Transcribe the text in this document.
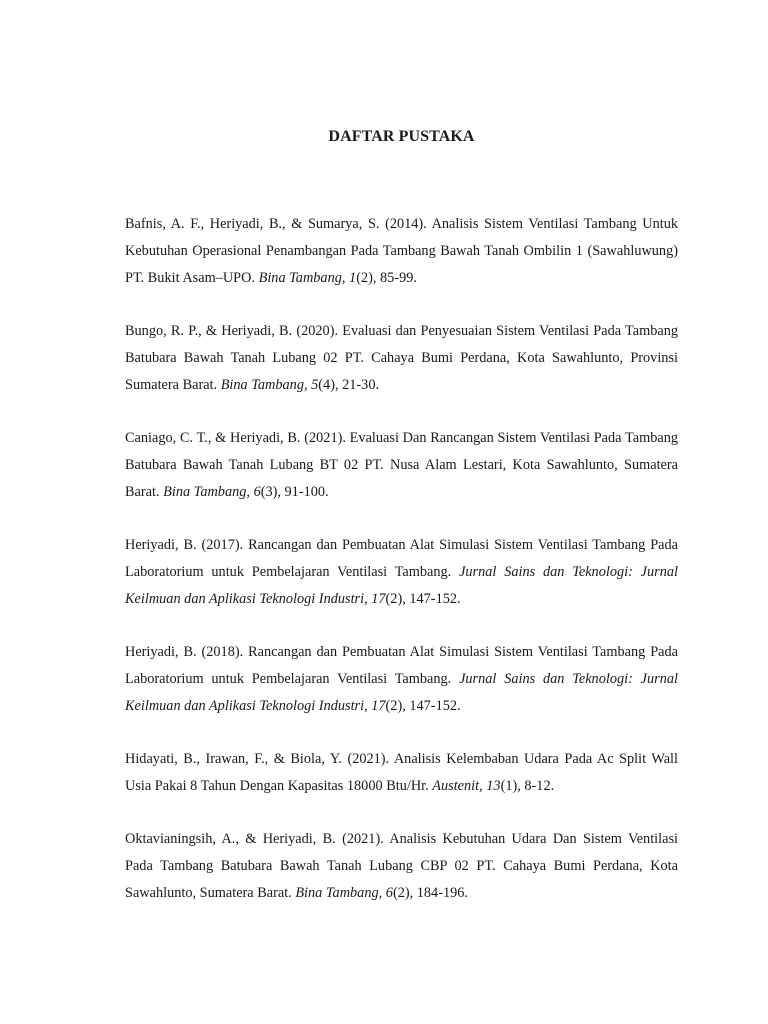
DAFTAR PUSTAKA

Bafnis, A. F., Heriyadi, B., & Sumarya, S. (2014). Analisis Sistem Ventilasi Tambang Untuk Kebutuhan Operasional Penambangan Pada Tambang Bawah Tanah Ombilin 1 (Sawahluwung) PT. Bukit Asam–UPO. Bina Tambang, 1(2), 85-99.

Bungo, R. P., & Heriyadi, B. (2020). Evaluasi dan Penyesuaian Sistem Ventilasi Pada Tambang Batubara Bawah Tanah Lubang 02 PT. Cahaya Bumi Perdana, Kota Sawahlunto, Provinsi Sumatera Barat. Bina Tambang, 5(4), 21-30.

Caniago, C. T., & Heriyadi, B. (2021). Evaluasi Dan Rancangan Sistem Ventilasi Pada Tambang Batubara Bawah Tanah Lubang BT 02 PT. Nusa Alam Lestari, Kota Sawahlunto, Sumatera Barat. Bina Tambang, 6(3), 91-100.

Heriyadi, B. (2017). Rancangan dan Pembuatan Alat Simulasi Sistem Ventilasi Tambang Pada Laboratorium untuk Pembelajaran Ventilasi Tambang. Jurnal Sains dan Teknologi: Jurnal Keilmuan dan Aplikasi Teknologi Industri, 17(2), 147-152.

Heriyadi, B. (2018). Rancangan dan Pembuatan Alat Simulasi Sistem Ventilasi Tambang Pada Laboratorium untuk Pembelajaran Ventilasi Tambang. Jurnal Sains dan Teknologi: Jurnal Keilmuan dan Aplikasi Teknologi Industri, 17(2), 147-152.

Hidayati, B., Irawan, F., & Biola, Y. (2021). Analisis Kelembaban Udara Pada Ac Split Wall Usia Pakai 8 Tahun Dengan Kapasitas 18000 Btu/Hr. Austenit, 13(1), 8-12.

Oktavianingsih, A., & Heriyadi, B. (2021). Analisis Kebutuhan Udara Dan Sistem Ventilasi Pada Tambang Batubara Bawah Tanah Lubang CBP 02 PT. Cahaya Bumi Perdana, Kota Sawahlunto, Sumatera Barat. Bina Tambang, 6(2), 184-196.
